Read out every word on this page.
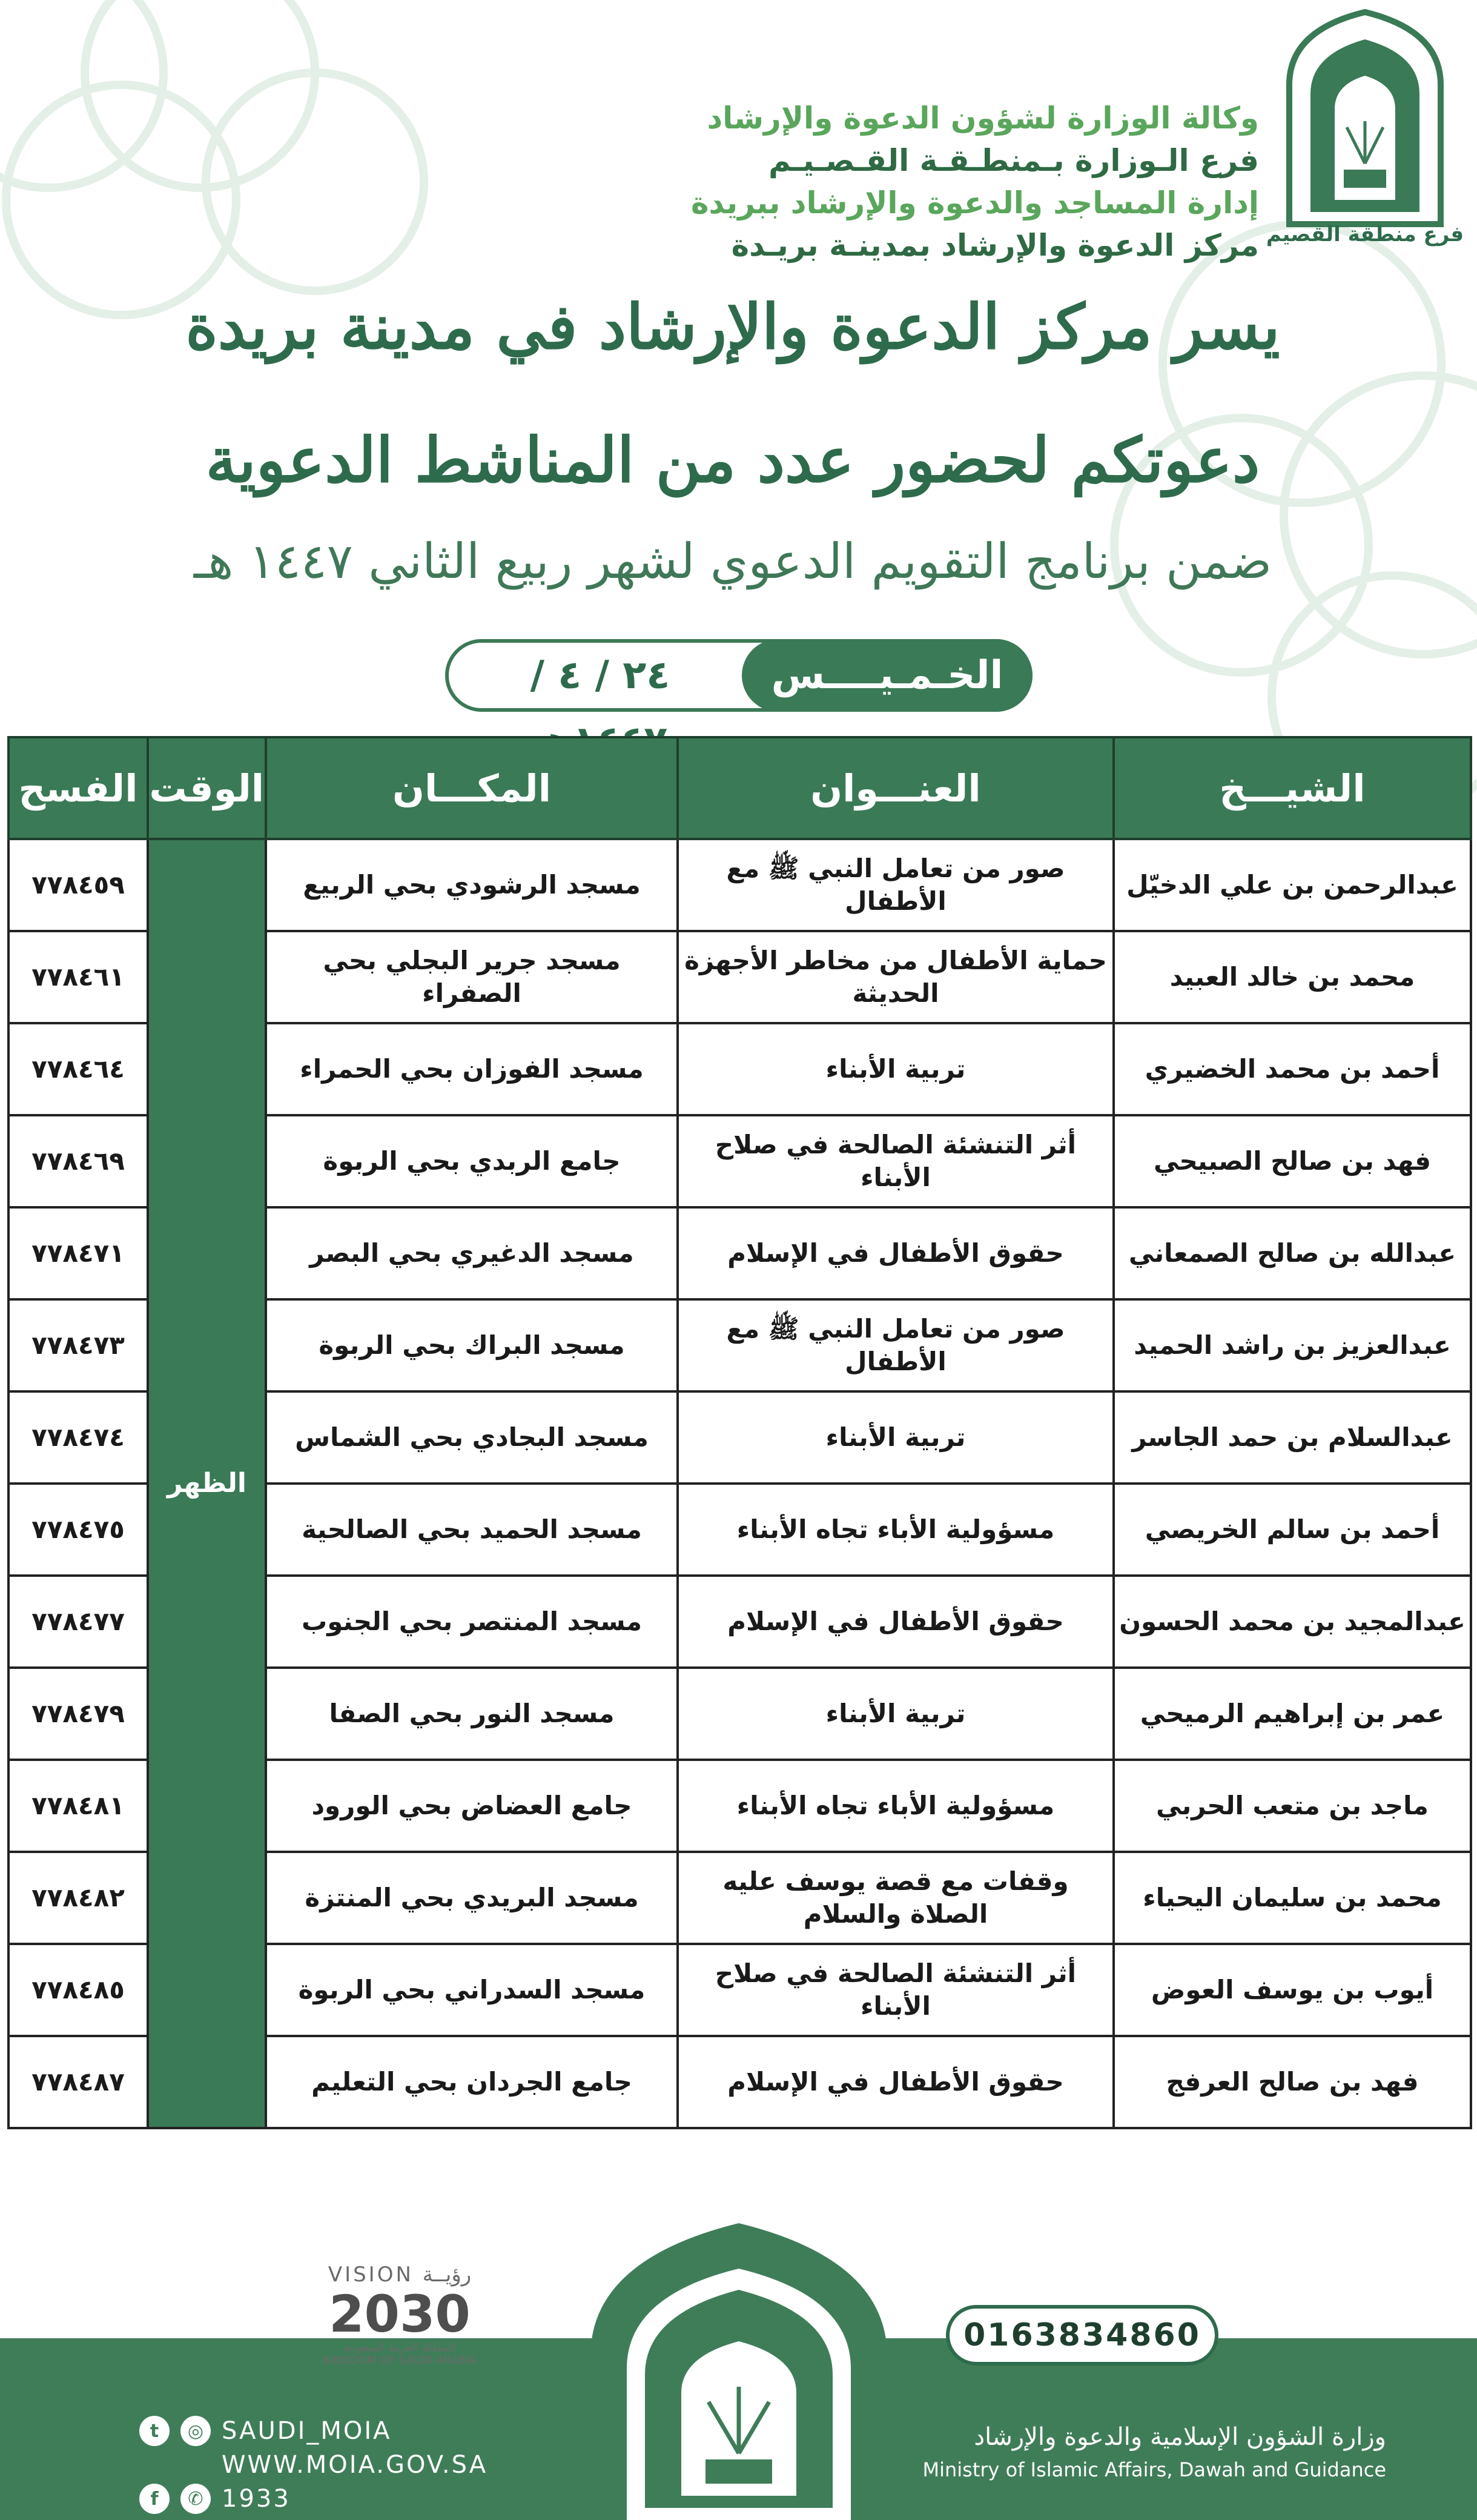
فرع منطقة القصيم
وكالة الوزارة لشؤون الدعوة والإرشاد
فرع الـوزارة بـمنطـقـة القـصـيـم
إدارة المساجد والدعوة والإرشاد ببريدة
مركز الدعوة والإرشاد بمدينـة بريـدة
يسر مركز الدعوة والإرشاد في مدينة بريدة
دعوتكم لحضور عدد من المناشط الدعوية
ضمن برنامج التقويم الدعوي لشهر ربيع الثاني ١٤٤٧ هـ
الخـمـيــــس
٢٤ / ٤ /
الشيـــخ	العنـــوان	المكـــان	الوقت	الفسح
عبدالرحمن بن علي الدخيّل	صور من تعامل النبي ﷺ مع الأطفال	مسجد الرشودي بحي الربيع	الظهر	٧٧٨٤٥٩
محمد بن خالد العبيد	حماية الأطفال من مخاطر الأجهزة الحديثة	مسجد جرير البجلي بحي الصفراء		٧٧٨٤٦١
أحمد بن محمد الخضيري	تربية الأبناء	مسجد الفوزان بحي الحمراء		٧٧٨٤٦٤
فهد بن صالح الصبيحي	أثر التنشئة الصالحة في صلاح الأبناء	جامع الربدي بحي الربوة		٧٧٨٤٦٩
عبدالله بن صالح الصمعاني	حقوق الأطفال في الإسلام	مسجد الدغيري بحي البصر		٧٧٨٤٧١
عبدالعزيز بن راشد الحميد	صور من تعامل النبي ﷺ مع الأطفال	مسجد البراك بحي الربوة		٧٧٨٤٧٣
عبدالسلام بن حمد الجاسر	تربية الأبناء	مسجد البجادي بحي الشماس		٧٧٨٤٧٤
أحمد بن سالم الخريصي	مسؤولية الأباء تجاه الأبناء	مسجد الحميد بحي الصالحية		٧٧٨٤٧٥
عبدالمجيد بن محمد الحسون	حقوق الأطفال في الإسلام	مسجد المنتصر بحي الجنوب		٧٧٨٤٧٧
عمر بن إبراهيم الرميحي	تربية الأبناء	مسجد النور بحي الصفا		٧٧٨٤٧٩
ماجد بن متعب الحربي	مسؤولية الأباء تجاه الأبناء	جامع العضاض بحي الورود		٧٧٨٤٨١
محمد بن سليمان اليحياء	وقفات مع قصة يوسف عليه الصلاة والسلام	مسجد البريدي بحي المنتزة		٧٧٨٤٨٢
أيوب بن يوسف العوض	أثر التنشئة الصالحة في صلاح الأبناء	مسجد السدراني بحي الربوة		٧٧٨٤٨٥
فهد بن صالح العرفج	حقوق الأطفال في الإسلام	جامع الجردان بحي التعليم		٧٧٨٤٨٧
VISION رؤيــة
2030
المملكة العربية السعودية
KINGDOM OF SAUDI ARABIA
0163834860
t	◎ SAUDI_MOIA
WWW.MOIA.GOV.SA
f	✆ 1933
وزارة الشؤون الإسلامية والدعوة والإرشاد
Ministry of Islamic Affairs, Dawah and Guidance
